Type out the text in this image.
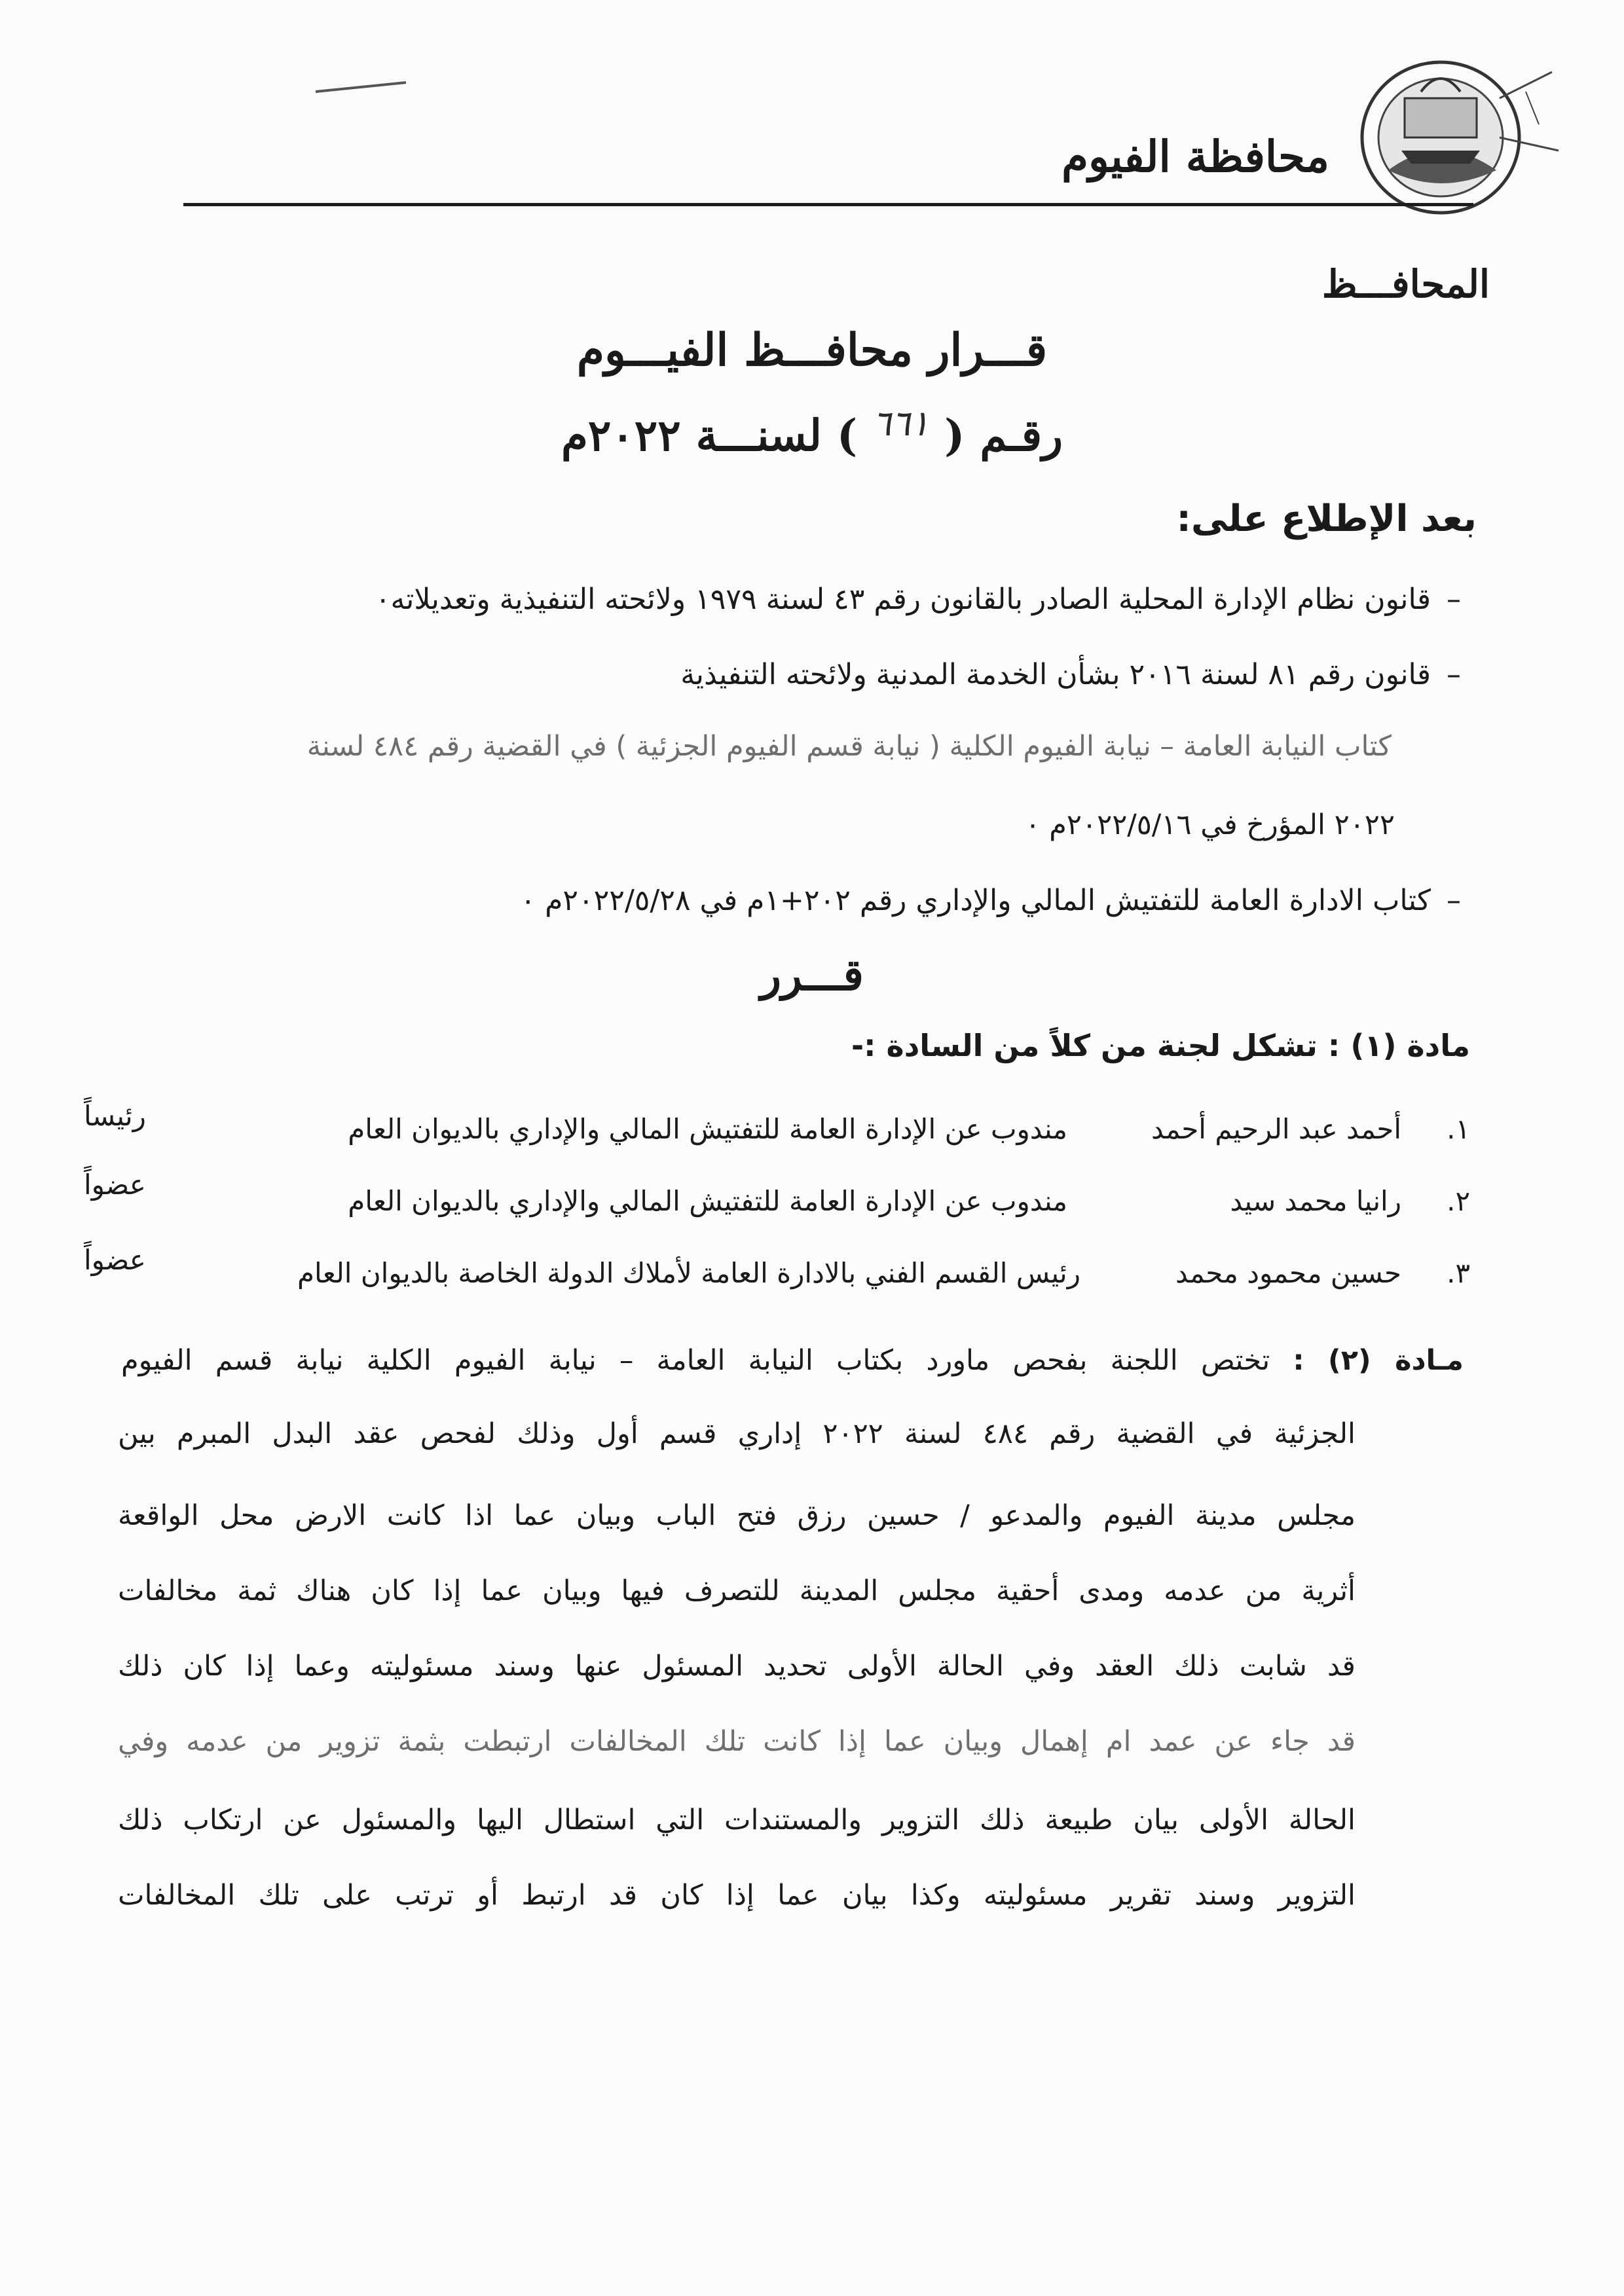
محافظة الفيوم
المحافـــظ
قـــرار محافـــظ الفيـــوم
رقـم ( $^{٦٦١}$ ) لسنـــة ٢٠٢٢م
بعد الإطلاع على:
–قانون نظام الإدارة المحلية الصادر بالقانون رقم ٤٣ لسنة ١٩٧٩ ولائحته التنفيذية وتعديلاته٠
–قانون رقم ٨١ لسنة ٢٠١٦ بشأن الخدمة المدنية ولائحته التنفيذية
كتاب النيابة العامة – نيابة الفيوم الكلية ( نيابة قسم الفيوم الجزئية ) في القضية رقم ٤٨٤ لسنة
٢٠٢٢ المؤرخ في ٢٠٢٢/٥/١٦م ٠
–كتاب الادارة العامة للتفتيش المالي والإداري رقم ٢٠٢+١م في ٢٠٢٢/٥/٢٨م ٠
قـــرر
مادة (١) : تشكل لجنة من كلاً من السادة :-
١.
أحمد عبد الرحيم أحمد
مندوب عن الإدارة العامة للتفتيش المالي والإداري بالديوان العام
رئيساً
٢.
رانيا محمد سيد
مندوب عن الإدارة العامة للتفتيش المالي والإداري بالديوان العام
عضواً
٣.
حسين محمود محمد
رئيس القسم الفني بالادارة العامة لأملاك الدولة الخاصة بالديوان العام
عضواً
مـادة (٢) : تختص اللجنة بفحص ماورد بكتاب النيابة العامة – نيابة الفيوم الكلية نيابة قسم الفيوم
الجزئية في القضية رقم ٤٨٤ لسنة ٢٠٢٢ إداري قسم أول وذلك لفحص عقد البدل المبرم بين
مجلس مدينة الفيوم والمدعو / حسين رزق فتح الباب وبيان عما اذا كانت الارض محل الواقعة
أثرية من عدمه ومدى أحقية مجلس المدينة للتصرف فيها وبيان عما إذا كان هناك ثمة مخالفات
قد شابت ذلك العقد وفي الحالة الأولى تحديد المسئول عنها وسند مسئوليته وعما إذا كان ذلك
قد جاء عن عمد ام إهمال وبيان عما إذا كانت تلك المخالفات ارتبطت بثمة تزوير من عدمه وفي
الحالة الأولى بيان طبيعة ذلك التزوير والمستندات التي استطال اليها والمسئول عن ارتكاب ذلك
التزوير وسند تقرير مسئوليته وكذا بيان عما إذا كان قد ارتبط أو ترتب على تلك المخالفات
